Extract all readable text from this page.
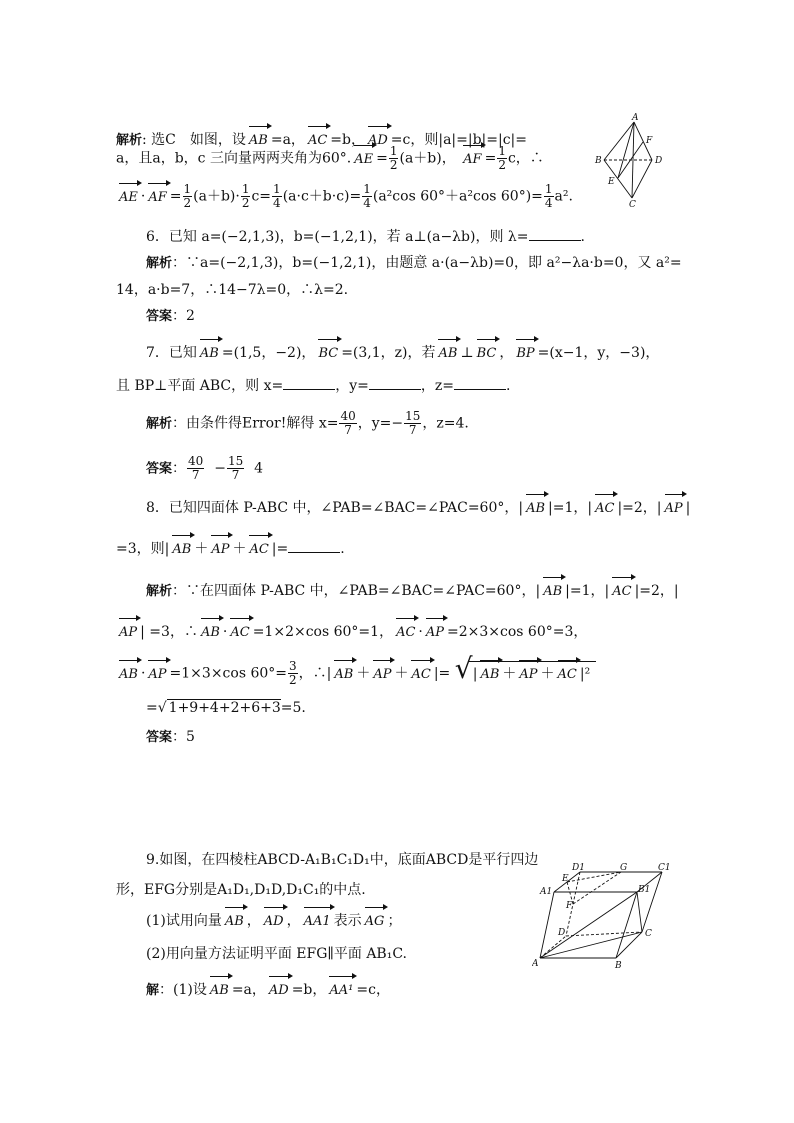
解析: 选C　如图，设 AB =a， AC =b， AD =c，则|a|=|b|=|c|=
a，且a，b，c 三向量两两夹角为60°. AE = $\frac{1}{2} (a+b)$， AF = $\frac{1}{2}$ c，∴
AE · AF = $\frac{1}{2} (a+b)\cdot \frac{1}{2} c= \frac{1}{4} (a\cdot c+b\cdot c)= \frac{1}{4} (a^2\cos$ 60°＋a²cos $60^\circ)= \frac{1}{4} a^2$.
A
B
C
D
E
F
6．已知 a=(−2,1,3)，b=(−1,2,1)，若 a⊥(a−λb)，则 λ=	.
解析：∵a=(−2,1,3)，b=(−1,2,1)，由题意 a·(a−λb)=0，即 a²−λa·b=0，又 a²=
14，a·b=7，∴14−7λ=0，∴λ=2.
答案：2
7．已知 AB =(1,5，−2)， BC =(3,1，z)，若 AB ⊥ BC ， BP =(x−1，y，−3)，
且 BP⊥平面 ABC，则 x=	，y=	，z=	.
解析：由条件得Error!解得 $x= \frac{40}{7}$ ，$y=- \frac{15}{7}$ ，z=4.
答案： $\frac{40}{7} - \frac{15}{7} 4$
8．已知四面体 P-ABC 中，∠PAB=∠BAC=∠PAC=60°，| AB |=1，| AC |=2，| AP |
=3，则| AB ＋ AP ＋ AC |=	.
解析：∵在四面体 P-ABC 中，∠PAB=∠BAC=∠PAC=60°，| AB |=1，| AC |=2，|
AP | =3，∴ AB · AC =1×2×cos 60°=1， AC · AP =2×3×cos 60°=3，
AB · AP =1×3×cos $60^\circ= \frac{3}{2}$ ，∴| AB ＋ AP ＋ AC |= √ | AB ＋ AP ＋ AC |²
=√ 1+9+4+2+6+3=5.
答案：5
9.如图，在四棱柱ABCD-A₁B₁C₁D₁中，底面ABCD是平行四边
形，EFG分别是A₁D₁,D₁D,D₁C₁的中点.
(1)试用向量 AB ， AD ， AA1 表示 AG ；
(2)用向量方法证明平面 EFG∥平面 AB₁C.
解：(1)设 AB =a， AD =b， AA¹ =c，
D1	G	C1
A1
E
B1
D
F
C
A	B
